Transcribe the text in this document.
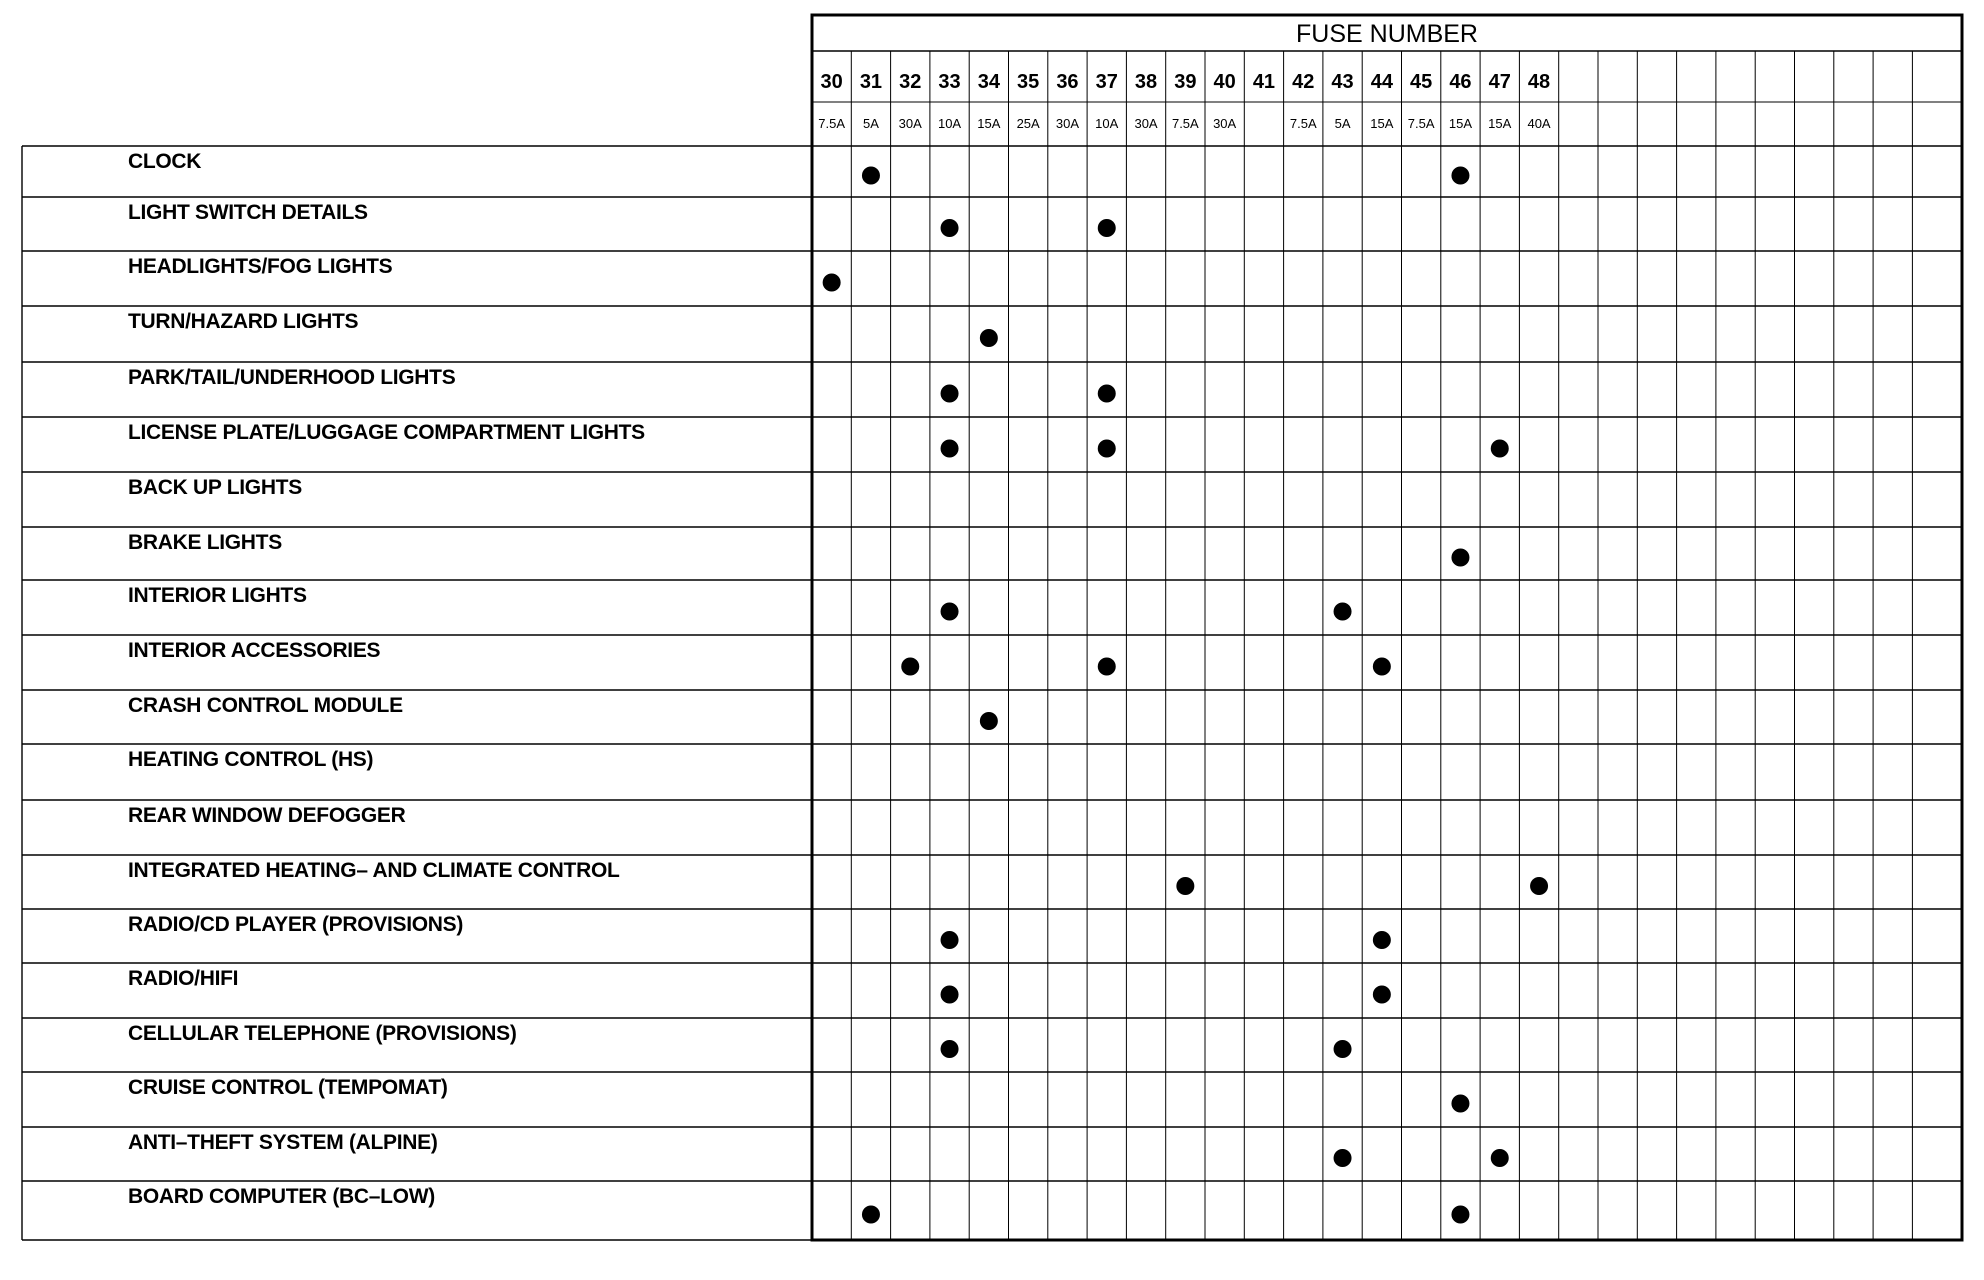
FUSE NUMBER
30
7.5A
31
5A
32
30A
33
10A
34
15A
35
25A
36
30A
37
10A
38
30A
39
7.5A
40
30A
41 42
7.5A
43
5A
44
15A
45
7.5A
46
15A
47
15A
48
40A
CLOCK
LIGHT SWITCH DETAILS
HEADLIGHTS/FOG LIGHTS
TURN/HAZARD LIGHTS
PARK/TAIL/UNDERHOOD LIGHTS
LICENSE PLATE/LUGGAGE COMPARTMENT LIGHTS
BACK UP LIGHTS
BRAKE LIGHTS
INTERIOR LIGHTS
INTERIOR ACCESSORIES
CRASH CONTROL MODULE
HEATING CONTROL (HS)
REAR WINDOW DEFOGGER
INTEGRATED HEATING– AND CLIMATE CONTROL
RADIO/CD PLAYER (PROVISIONS)
RADIO/HIFI
CELLULAR TELEPHONE (PROVISIONS)
CRUISE CONTROL (TEMPOMAT)
ANTI–THEFT SYSTEM (ALPINE)
BOARD COMPUTER (BC–LOW)
